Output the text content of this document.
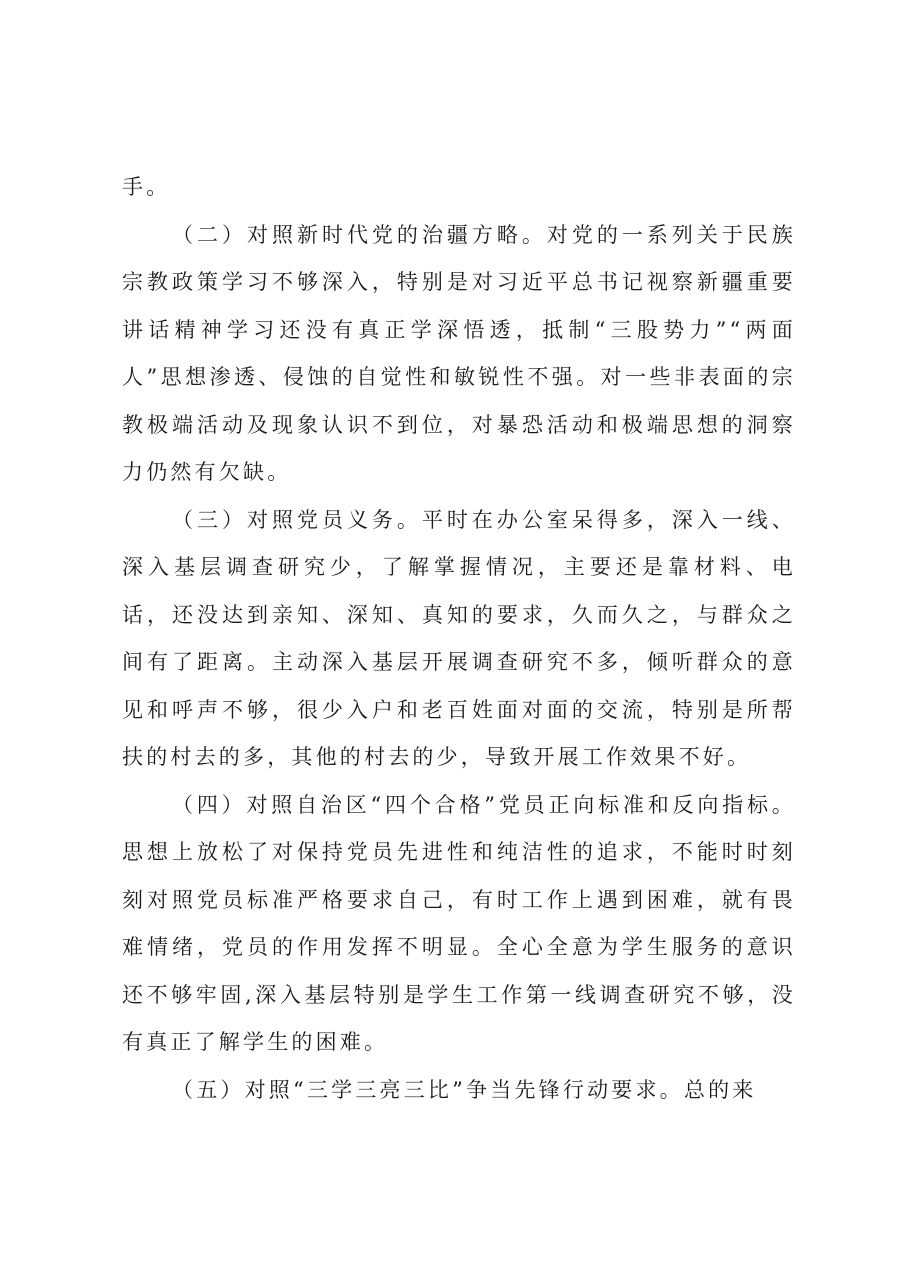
手。

（二）对照新时代党的治疆方略。对党的一系列关于民族宗教政策学习不够深入，特别是对习近平总书记视察新疆重要讲话精神学习还没有真正学深悟透，抵制“三股势力”“两面人”思想渗透、侵蚀的自觉性和敏锐性不强。对一些非表面的宗教极端活动及现象认识不到位，对暴恐活动和极端思想的洞察力仍然有欠缺。

（三）对照党员义务。平时在办公室呆得多，深入一线、深入基层调查研究少，了解掌握情况，主要还是靠材料、电话，还没达到亲知、深知、真知的要求，久而久之，与群众之间有了距离。主动深入基层开展调查研究不多，倾听群众的意见和呼声不够，很少入户和老百姓面对面的交流，特别是所帮扶的村去的多，其他的村去的少，导致开展工作效果不好。

（四）对照自治区“四个合格”党员正向标准和反向指标。思想上放松了对保持党员先进性和纯洁性的追求，不能时时刻刻对照党员标准严格要求自己，有时工作上遇到困难，就有畏难情绪，党员的作用发挥不明显。全心全意为学生服务的意识还不够牢固,深入基层特别是学生工作第一线调查研究不够，没有真正了解学生的困难。

（五）对照“三学三亮三比”争当先锋行动要求。总的来
